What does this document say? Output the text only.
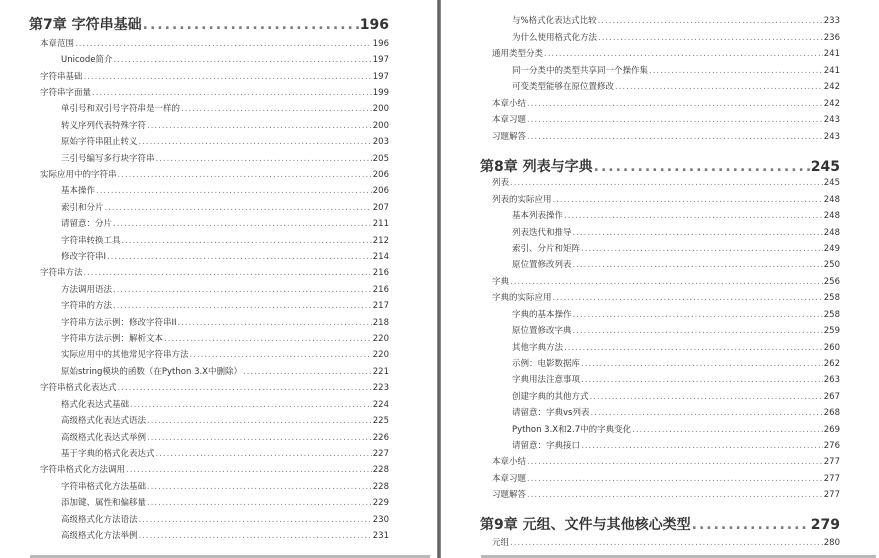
第7章 字符串基础 .....	196
本章范围 .....	196
Unicode简介 .....	197
字符串基础 .....	197
字符串字面量 .....	199
单引号和双引号字符串是一样的 .....	200
转义序列代表特殊字符 .....	200
原始字符串阻止转义 .....	203
三引号编写多行块字符串 .....	205
实际应用中的字符串 .....	206
基本操作 .....	206
索引和分片 .....	207
请留意：分片 .....	211
字符串转换工具 .....	212
修改字符串I .....	214
字符串方法 .....	216
方法调用语法 .....	216
字符串的方法 .....	217
字符串方法示例：修改字符串II .....	218
字符串方法示例：解析文本 .....	220
实际应用中的其他常见字符串方法 .....	220
原始string模块的函数（在Python 3.X中删除） .....	221
字符串格式化表达式 .....	223
格式化表达式基础 .....	224
高级格式化表达式语法 .....	225
高级格式化表达式举例 .....	226
基于字典的格式化表达式 .....	227
字符串格式化方法调用 .....	228
字符串格式化方法基础 .....	228
添加键、属性和偏移量 .....	229
高级格式化方法语法 .....	230
高级格式化方法举例 .....	231
与%格式化表达式比较 .....	233
为什么使用格式化方法 .....	236
通用类型分类 .....	241
同一分类中的类型共享同一个操作集 .....	241
可变类型能够在原位置修改 .....	242
本章小结 .....	242
本章习题 .....	243
习题解答 .....	243
第8章 列表与字典 .....	245
列表 .....	245
列表的实际应用 .....	248
基本列表操作 .....	248
列表迭代和推导 .....	248
索引、分片和矩阵 .....	249
原位置修改列表 .....	250
字典 .....	256
字典的实际应用 .....	258
字典的基本操作 .....	258
原位置修改字典 .....	259
其他字典方法 .....	260
示例：电影数据库 .....	262
字典用法注意事项 .....	263
创建字典的其他方式 .....	267
请留意：字典vs列表 .....	268
Python 3.X和2.7中的字典变化 .....	269
请留意：字典接口 .....	276
本章小结 .....	277
本章习题 .....	277
习题解答 .....	277
第9章 元组、文件与其他核心类型 .....	279
元组 .....	280
